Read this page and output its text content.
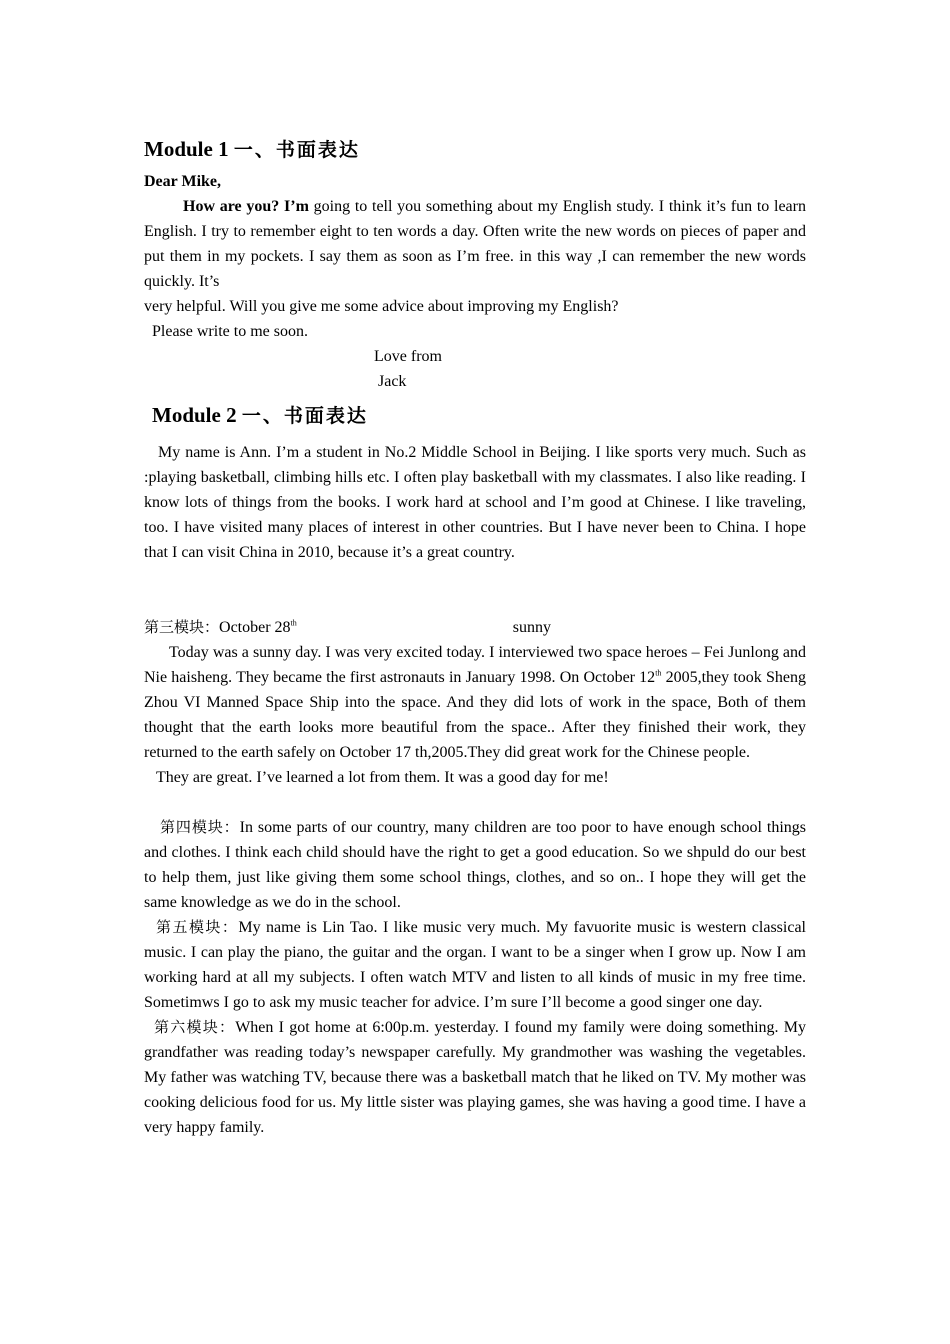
Module 1 一、书面表达

Dear Mike,

How are you? I’m going to tell you something about my English study. I think it’s fun to learn English. I try to remember eight to ten words a day. Often write the new words on pieces of paper and put them in my pockets. I say them as soon as I’m free. in this way ,I can remember the new words quickly. It’s

very helpful. Will you give me some advice about improving my English?

Please write to me soon.

Love from

Jack

Module 2 一、书面表达

My name is Ann. I’m a student in No.2 Middle School in Beijing. I like sports very much. Such as :playing basketball, climbing hills etc. I often play basketball with my classmates. I also like reading. I know lots of things from the books. I work hard at school and I’m good at Chinese. I like traveling, too. I have visited many places of interest in other countries. But I have never been to China. I hope that I can visit China in 2010, because it’s a great country.

第三模块：October 28th	sunny

Today was a sunny day. I was very excited today. I interviewed two space heroes – Fei Junlong and Nie haisheng. They became the first astronauts in January 1998. On October 12th 2005,they took Sheng Zhou VI Manned Space Ship into the space. And they did lots of work in the space, Both of them thought that the earth looks more beautiful from the space.. After they finished their work, they returned to the earth safely on October 17 th,2005.They did great work for the Chinese people.

They are great. I’ve learned a lot from them. It was a good day for me!

第四模块：In some parts of our country, many children are too poor to have enough school things and clothes. I think each child should have the right to get a good education. So we shpuld do our best to help them, just like giving them some school things, clothes, and so on.. I hope they will get the same knowledge as we do in the school.

第五模块：My name is Lin Tao. I like music very much. My favuorite music is western classical music. I can play the piano, the guitar and the organ. I want to be a singer when I grow up. Now I am working hard at all my subjects. I often watch MTV and listen to all kinds of music in my free time. Sometimws I go to ask my music teacher for advice. I’m sure I’ll become a good singer one day.

第六模块：When I got home at 6:00p.m. yesterday. I found my family were doing something. My grandfather was reading today’s newspaper carefully. My grandmother was washing the vegetables. My father was watching TV, because there was a basketball match that he liked on TV. My mother was cooking delicious food for us. My little sister was playing games, she was having a good time. I have a very happy family.
